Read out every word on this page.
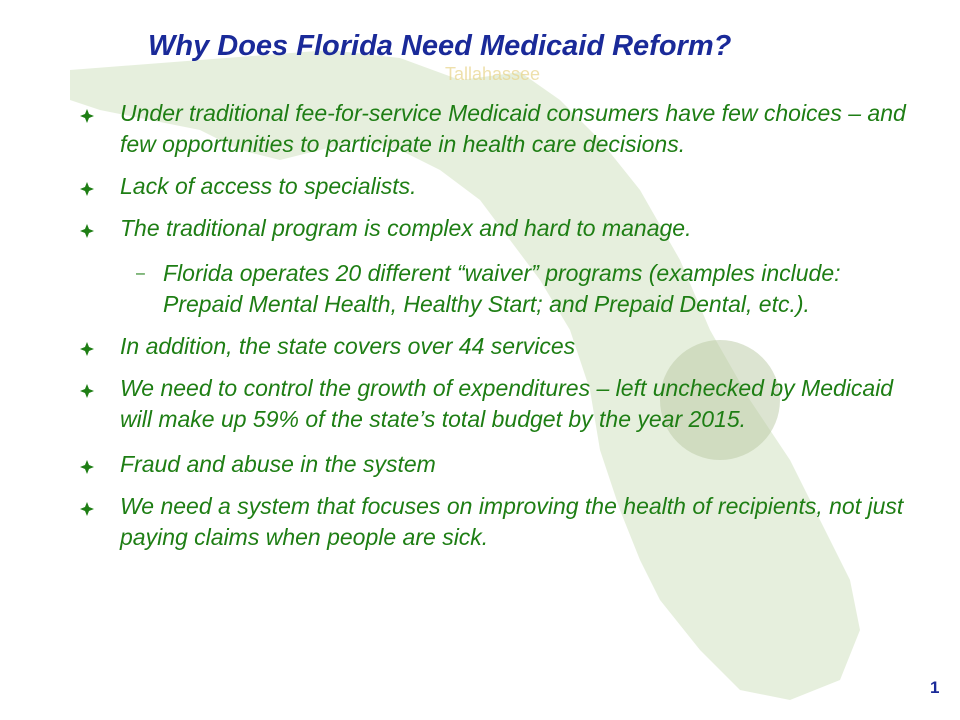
Tallahassee
Why Does Florida Need Medicaid Reform?
Under traditional fee-for-service Medicaid consumers have few choices – and few opportunities to participate in health care decisions.
Lack of access to specialists.
The traditional program is complex and hard to manage.
– Florida operates 20 different “waiver” programs (examples include: Prepaid Mental Health, Healthy Start; and Prepaid Dental, etc.).
In addition, the state covers over 44 services
We need to control the growth of expenditures – left unchecked by Medicaid will make up 59% of the state’s total budget by the year 2015.
Fraud and abuse in the system
We need a system that focuses on improving the health of recipients, not just paying claims when people are sick.
1
